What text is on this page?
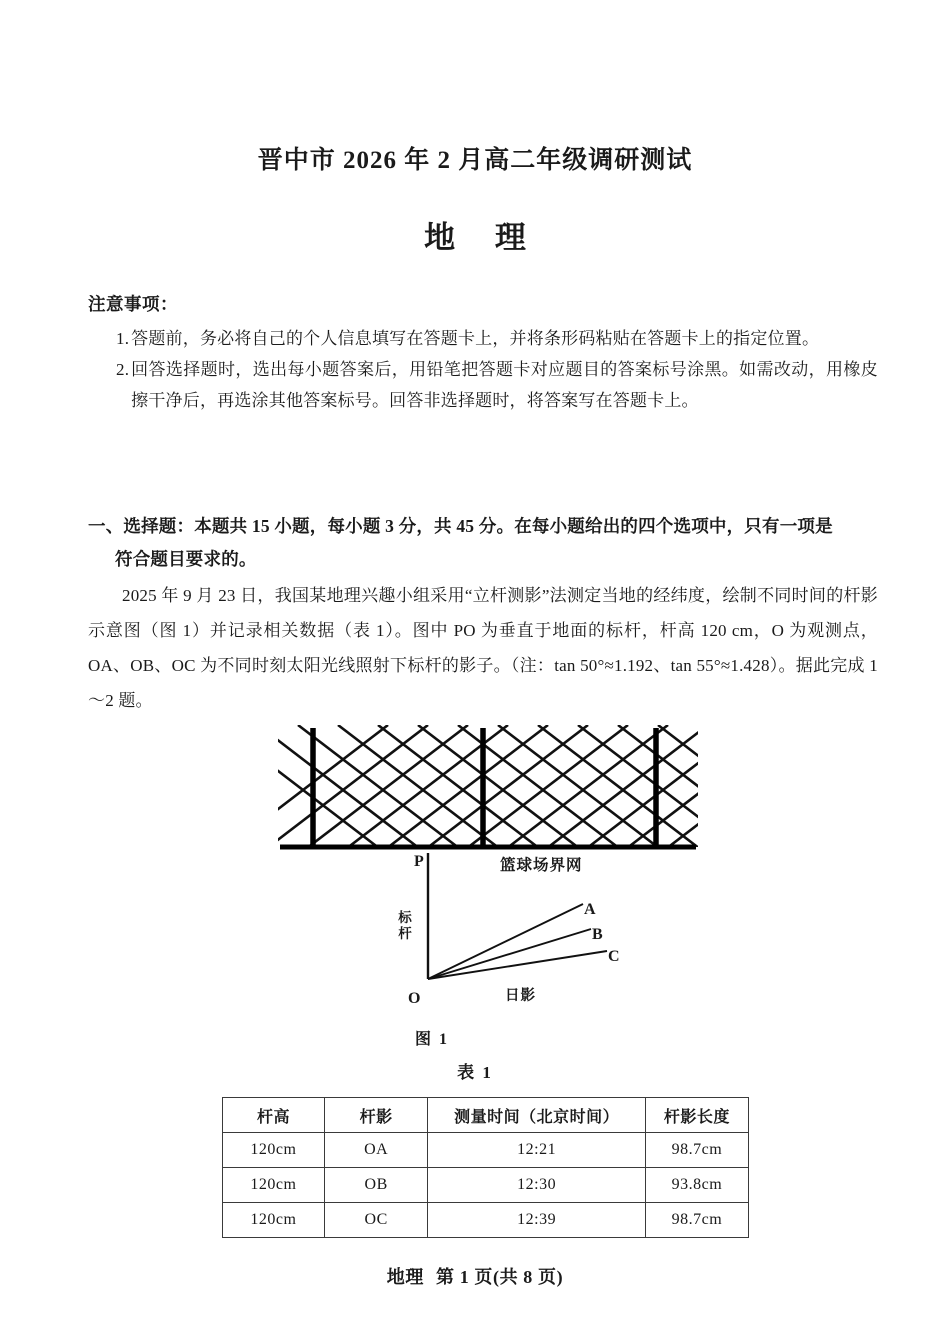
晋中市 2026 年 2 月高二年级调研测试
地 理
注意事项：
1. 答题前，务必将自己的个人信息填写在答题卡上，并将条形码粘贴在答题卡上的指定位置。
2. 回答选择题时，选出每小题答案后，用铅笔把答题卡对应题目的答案标号涂黑。如需改动，用橡皮擦干净后，再选涂其他答案标号。回答非选择题时，将答案写在答题卡上。
一、选择题：本题共 15 小题，每小题 3 分，共 45 分。在每小题给出的四个选项中，只有一项是
符合题目要求的。
2025 年 9 月 23 日，我国某地理兴趣小组采用“立杆测影”法测定当地的经纬度，绘制不同时间的杆影示意图（图 1）并记录相关数据（表 1）。图中 PO 为垂直于地面的标杆，杆高 120 cm，O 为观测点，OA、OB、OC 为不同时刻太阳光线照射下标杆的影子。（注：tan 50°≈1.192、tan 55°≈1.428）。据此完成 1～2 题。
P
O
标杆
A
B
C
日影
篮球场界网
图 1
表 1
杆高	杆影	测量时间（北京时间）	杆影长度
120cm	OA	12:21	98.7cm
120cm	OB	12:30	93.8cm
120cm	OC	12:39	98.7cm
地理 第 1 页(共 8 页)
